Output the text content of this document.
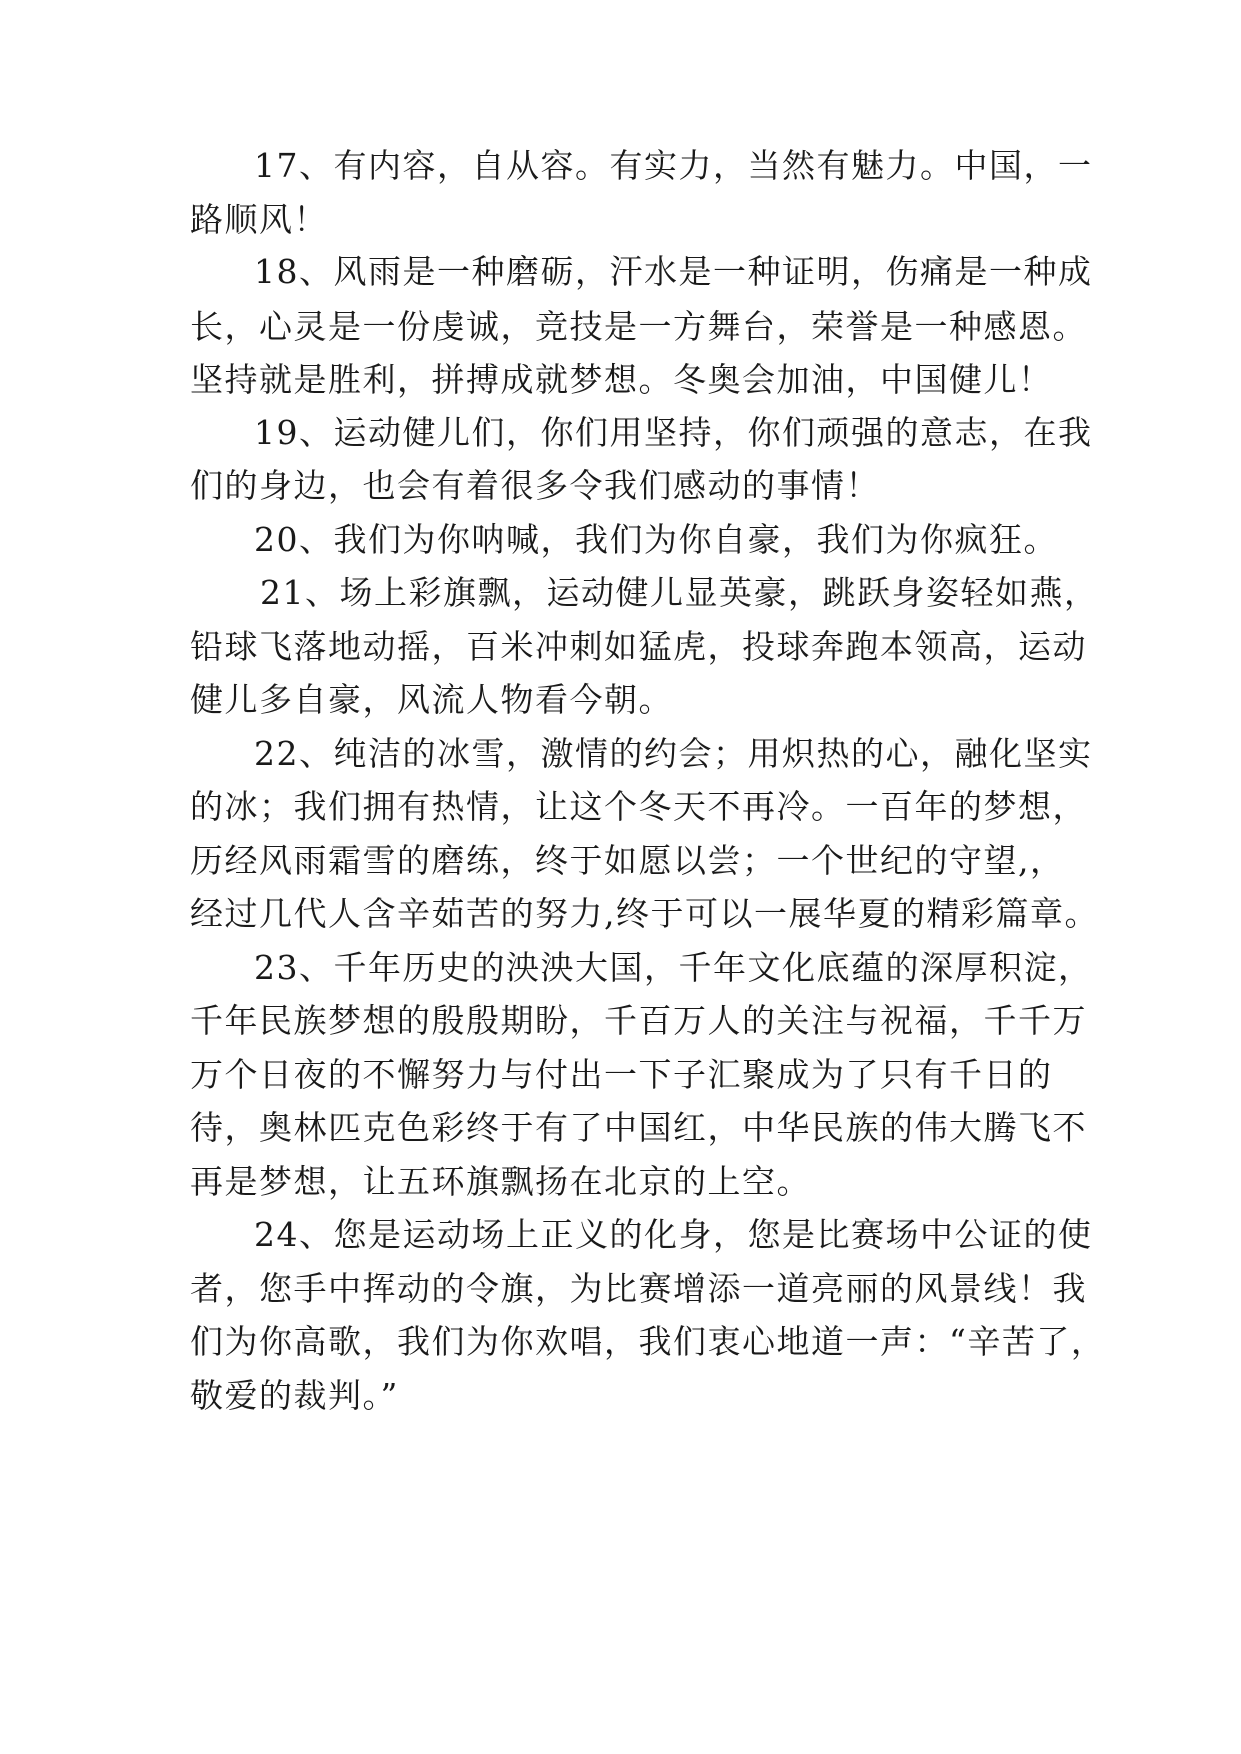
17、有内容，自从容。有实力，当然有魅力。中国，一

路顺风！

18、风雨是一种磨砺，汗水是一种证明，伤痛是一种成

长，心灵是一份虔诚，竞技是一方舞台，荣誉是一种感恩。

坚持就是胜利，拼搏成就梦想。冬奥会加油，中国健儿！

19、运动健儿们，你们用坚持，你们顽强的意志，在我

们的身边，也会有着很多令我们感动的事情！

20、我们为你呐喊，我们为你自豪，我们为你疯狂。

21、场上彩旗飘，运动健儿显英豪，跳跃身姿轻如燕，

铅球飞落地动摇，百米冲刺如猛虎，投球奔跑本领高，运动

健儿多自豪，风流人物看今朝。

22、纯洁的冰雪，激情的约会；用炽热的心，融化坚实

的冰；我们拥有热情，让这个冬天不再冷。一百年的梦想，

历经风雨霜雪的磨练，终于如愿以尝；一个世纪的守望,，

经过几代人含辛茹苦的努力,终于可以一展华夏的精彩篇章。

23、千年历史的泱泱大国，千年文化底蕴的深厚积淀，

千年民族梦想的殷殷期盼，千百万人的关注与祝福，千千万

万个日夜的不懈努力与付出一下子汇聚成为了只有千日的

待，奥林匹克色彩终于有了中国红，中华民族的伟大腾飞不

再是梦想，让五环旗飘扬在北京的上空。

24、您是运动场上正义的化身，您是比赛场中公证的使

者，您手中挥动的令旗，为比赛增添一道亮丽的风景线！我

们为你高歌，我们为你欢唱，我们衷心地道一声：“辛苦了，

敬爱的裁判。”
